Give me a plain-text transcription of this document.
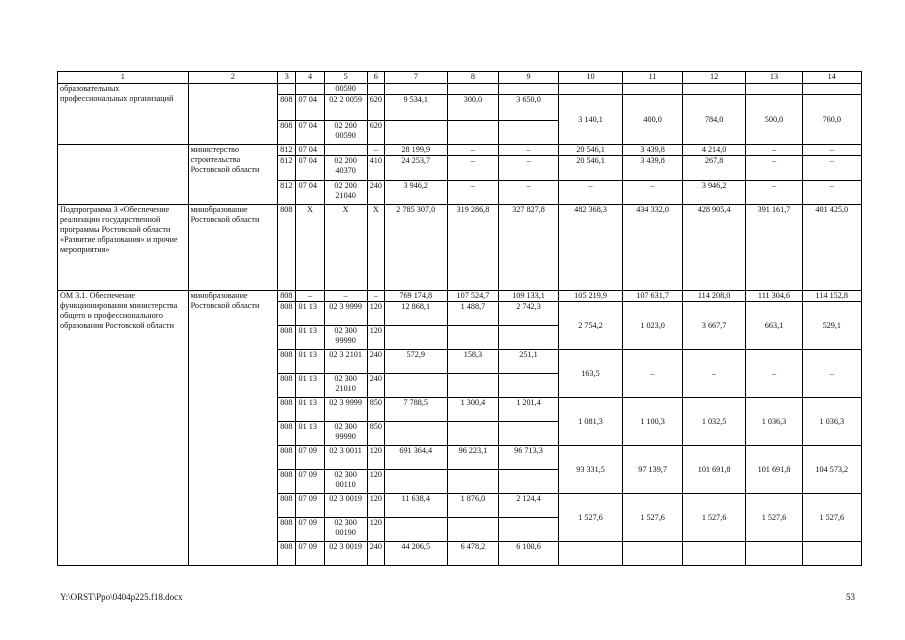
1	2	3	4	5	6	7	8	9	10	11	12	13	14
образовательных профессиональных организаций				00590									
		808	07 04	02 2 0059	620	9 534,1	300,0	3 650,0	3 140,1	400,0	784,0	500,0	760,0
		808	07 04	02 200 00590	620								
	министерство строительства Ростовской области	812	07 04		–	28 199,9	–	–	20 546,1	3 439,8	4 214,0	–	–
		812	07 04	02 200 40370	410	24 253,7	–	–	20 546,1	3 439,8	267,8	–	–
		812	07 04	02 200 21040	240	3 946,2	–	–	–	–	3 946,2	–	–
Подпрограмма 3 «Обеспечение реализации государственной программы Ростовской области «Развитие образования» и прочие мероприятия»	минобразование Ростовской области	808	Х	Х	Х	2 785 307,0	319 286,8	327 827,8	482 368,3	434 332,0	428 905,4	391 161,7	401 425,0
ОМ 3.1. Обеспечение функционирования министерства общего и профессионального образования Ростовской области	минобразование Ростовской области	808	–	–	–	769 174,8	107 524,7	109 133,1	105 219,9	107 631,7	114 208,0	111 304,6	114 152,8
		808	01 13	02 3 9999	120	12 868,1	1 488,7	2 742,3	2 754,2	1 023,0	3 667,7	663,1	529,1
		808	01 13	02 300 99990	120								
		808	01 13	02 3 2101	240	572,9	158,3	251,1	163,5	–	–	–	–
		808	01 13	02 300 21010	240								
		808	01 13	02 3 9999	850	7 788,5	1 300,4	1 201,4	1 081,3	1 100,3	1 032,5	1 036,3	1 036,3
		808	01 13	02 300 99990	850								
		808	07 09	02 3 0011	120	691 364,4	96 223,1	96 713,3	93 331,5	97 139,7	101 691,8	101 691,8	104 573,2
		808	07 09	02 300 00110	120								
		808	07 09	02 3 0019	120	11 638,4	1 876,0	2 124,4	1 527,6	1 527,6	1 527,6	1 527,6	1 527,6
		808	07 09	02 300 00190	120								
		808	07 09	02 3 0019	240	44 206,5	6 478,2	6 100,6					
Y:\ORST\Ppo\0404p225.f18.docx	53
